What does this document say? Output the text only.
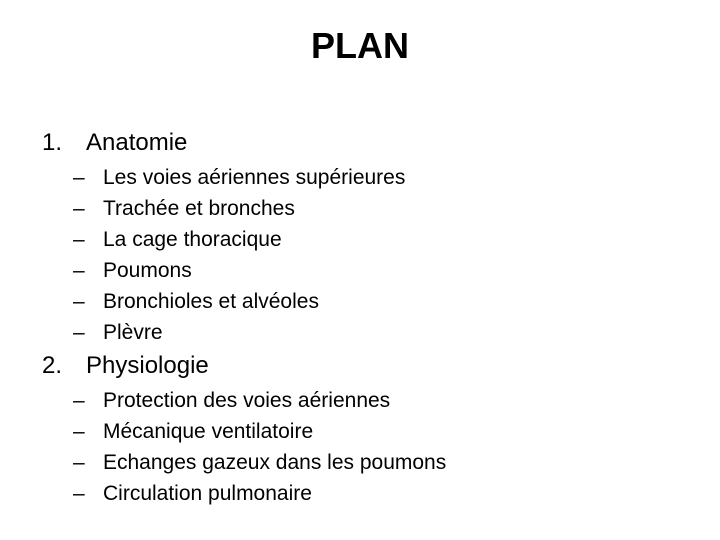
PLAN
1. Anatomie
– Les voies aériennes supérieures
– Trachée et bronches
– La cage thoracique
– Poumons
– Bronchioles et alvéoles
– Plèvre
2. Physiologie
– Protection des voies aériennes
– Mécanique ventilatoire
– Echanges gazeux dans les poumons
– Circulation pulmonaire
